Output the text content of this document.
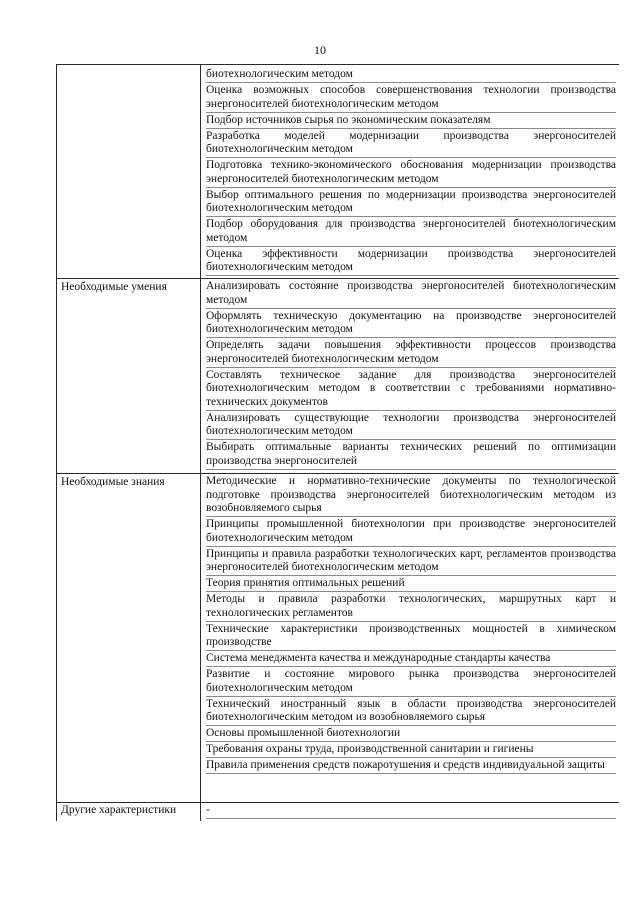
10
биотехнологическим методом
Оценка возможных способов совершенствования технологии производства энергоносителей биотехнологическим методом
Подбор источников сырья по экономическим показателям
Разработка моделей модернизации производства энергоносителей биотехнологическим методом
Подготовка технико-экономического обоснования модернизации производства энергоносителей биотехнологическим методом
Выбор оптимального решения по модернизации производства энергоносителей биотехнологическим методом
Подбор оборудования для производства энергоносителей биотехнологическим методом
Оценка эффективности модернизации производства энергоносителей биотехнологическим методом
Необходимые умения	Анализировать состояние производства энергоносителей биотехнологическим методом
Оформлять техническую документацию на производстве энергоносителей биотехнологическим методом
Определять задачи повышения эффективности процессов производства энергоносителей биотехнологическим методом
Составлять техническое задание для производства энергоносителей биотехнологическим методом в соответствии с требованиями нормативно-технических документов
Анализировать существующие технологии производства энергоносителей биотехнологическим методом
Выбирать оптимальные варианты технических решений по оптимизации производства энергоносителей
Необходимые знания	Методические и нормативно-технические документы по технологической подготовке производства энергоносителей биотехнологическим методом из возобновляемого сырья
Принципы промышленной биотехнологии при производстве энергоносителей биотехнологическим методом
Принципы и правила разработки технологических карт, регламентов производства энергоносителей биотехнологическим методом
Теория принятия оптимальных решений
Методы и правила разработки технологических, маршрутных карт и технологических регламентов
Технические характеристики производственных мощностей в химическом производстве
Система менеджмента качества и международные стандарты качества
Развитие и состояние мирового рынка производства энергоносителей биотехнологическим методом
Технический иностранный язык в области производства энергоносителей биотехнологическим методом из возобновляемого сырья
Основы промышленной биотехнологии
Требования охраны труда, производственной санитарии и гигиены
Правила применения средств пожаротушения и средств индивидуальной защиты
Другие характеристики	-
